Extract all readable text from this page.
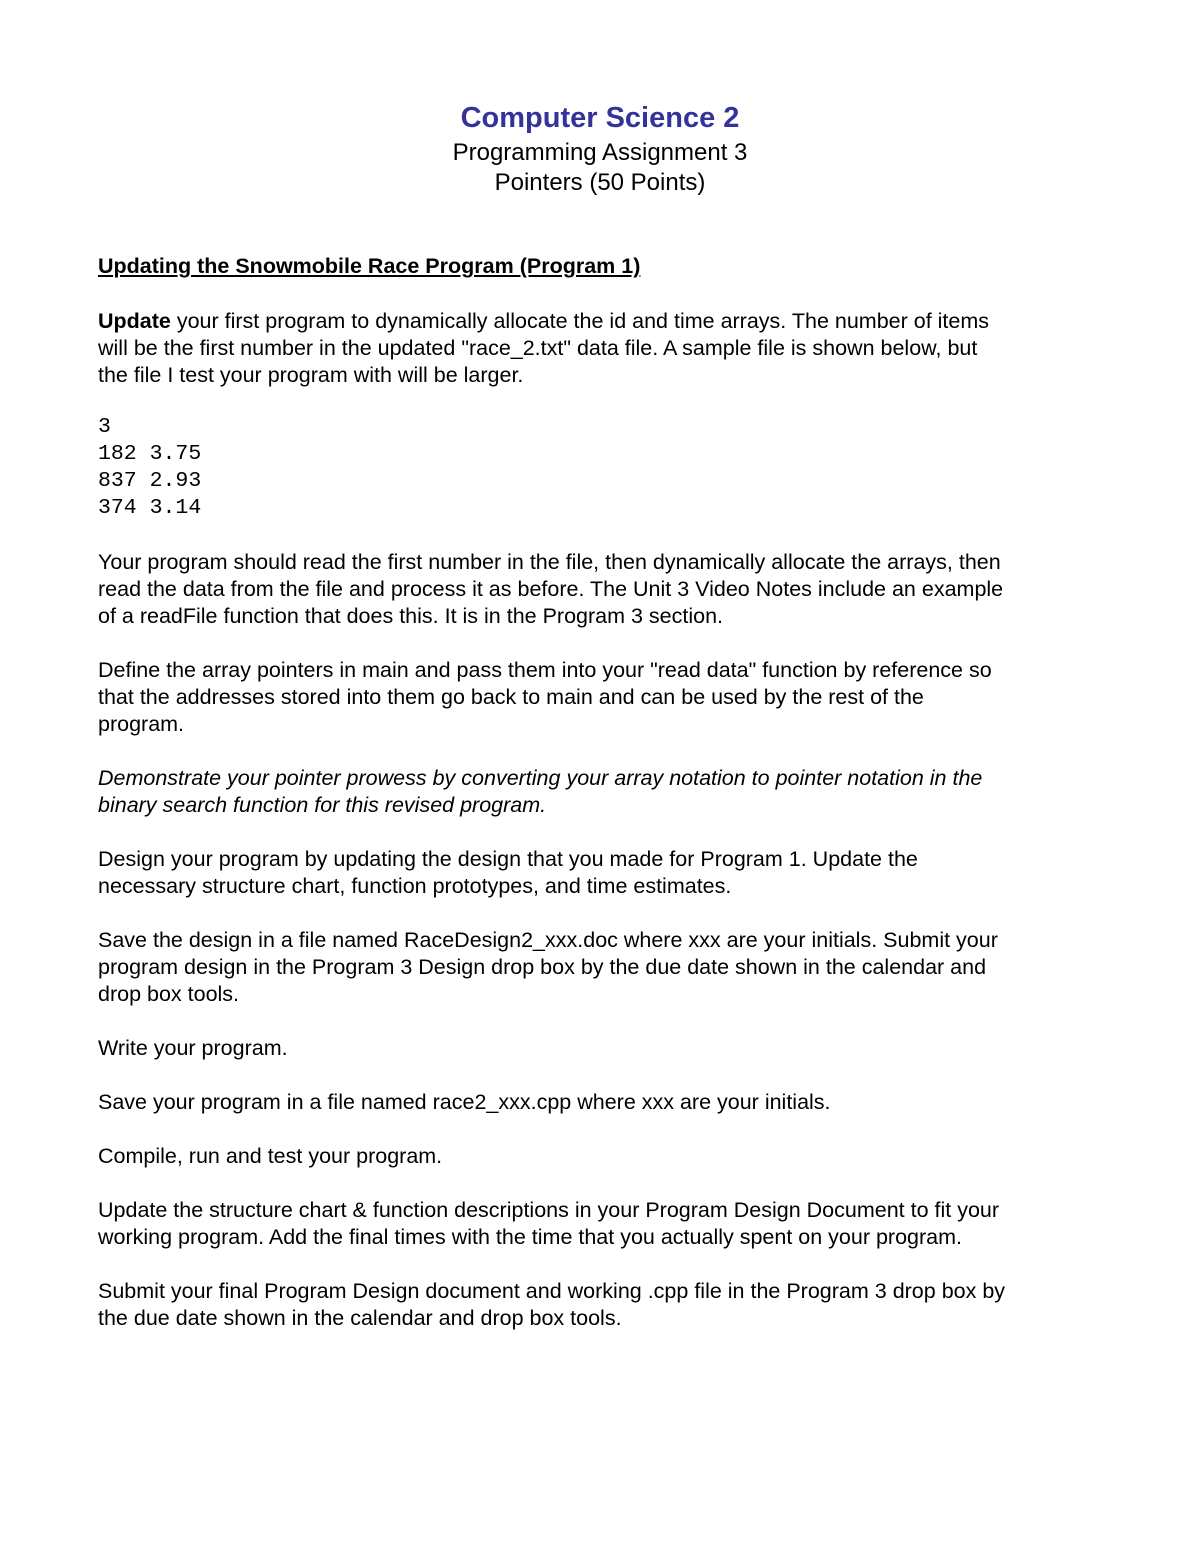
Computer Science 2
Programming Assignment 3
Pointers (50 Points)
Updating the Snowmobile Race Program (Program 1)

Update your first program to dynamically allocate the id and time arrays. The number of items

will be the first number in the updated "race_2.txt" data file. A sample file is shown below, but

the file I test your program with will be larger.

3
182 3.75
837 2.93
374 3.14

Your program should read the first number in the file, then dynamically allocate the arrays, then

read the data from the file and process it as before. The Unit 3 Video Notes include an example

of a readFile function that does this. It is in the Program 3 section.

Define the array pointers in main and pass them into your "read data" function by reference so

that the addresses stored into them go back to main and can be used by the rest of the

program.

Demonstrate your pointer prowess by converting your array notation to pointer notation in the

binary search function for this revised program.

Design your program by updating the design that you made for Program 1. Update the

necessary structure chart, function prototypes, and time estimates.

Save the design in a file named RaceDesign2_xxx.doc where xxx are your initials. Submit your

program design in the Program 3 Design drop box by the due date shown in the calendar and

drop box tools.

Write your program.

Save your program in a file named race2_xxx.cpp where xxx are your initials.

Compile, run and test your program.

Update the structure chart & function descriptions in your Program Design Document to fit your

working program. Add the final times with the time that you actually spent on your program.

Submit your final Program Design document and working .cpp file in the Program 3 drop box by

the due date shown in the calendar and drop box tools.
